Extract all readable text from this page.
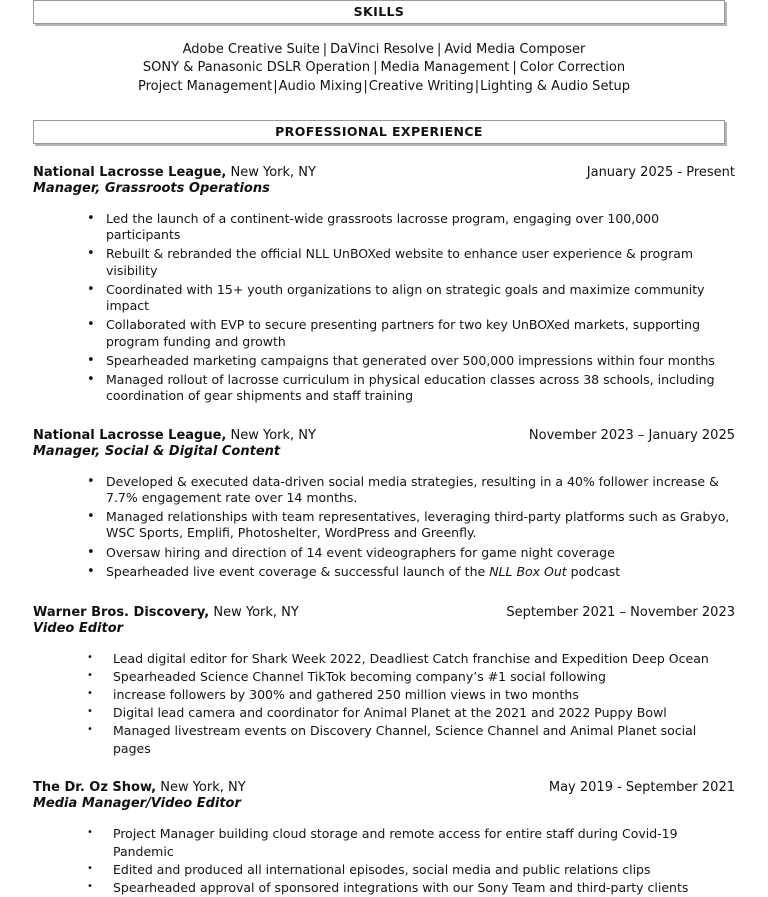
SKILLS
Adobe Creative Suite | DaVinci Resolve | Avid Media Composer
SONY & Panasonic DSLR Operation | Media Management | Color Correction
Project Management|Audio Mixing|Creative Writing|Lighting & Audio Setup
PROFESSIONAL EXPERIENCE
National Lacrosse League, New York, NY	January 2025 - Present
Manager, Grassroots Operations
• Led the launch of a continent-wide grassroots lacrosse program, engaging over 100,000 participants
• Rebuilt & rebranded the official NLL UnBOXed website to enhance user experience & program visibility
• Coordinated with 15+ youth organizations to align on strategic goals and maximize community impact
• Collaborated with EVP to secure presenting partners for two key UnBOXed markets, supporting program funding and growth
• Spearheaded marketing campaigns that generated over 500,000 impressions within four months
• Managed rollout of lacrosse curriculum in physical education classes across 38 schools, including coordination of gear shipments and staff training
National Lacrosse League, New York, NY	November 2023 – January 2025
Manager, Social & Digital Content
• Developed & executed data-driven social media strategies, resulting in a 40% follower increase & 7.7% engagement rate over 14 months.
• Managed relationships with team representatives, leveraging third-party platforms such as Grabyo, WSC Sports, Emplifi, Photoshelter, WordPress and Greenfly.
• Oversaw hiring and direction of 14 event videographers for game night coverage
• Spearheaded live event coverage & successful launch of the NLL Box Out podcast
Warner Bros. Discovery, New York, NY	September 2021 – November 2023
Video Editor
• Lead digital editor for Shark Week 2022, Deadliest Catch franchise and Expedition Deep Ocean
• Spearheaded Science Channel TikTok becoming company’s #1 social following
• increase followers by 300% and gathered 250 million views in two months
• Digital lead camera and coordinator for Animal Planet at the 2021 and 2022 Puppy Bowl
• Managed livestream events on Discovery Channel, Science Channel and Animal Planet social pages
The Dr. Oz Show, New York, NY	May 2019 - September 2021
Media Manager/Video Editor
• Project Manager building cloud storage and remote access for entire staff during Covid-19 Pandemic
• Edited and produced all international episodes, social media and public relations clips
• Spearheaded approval of sponsored integrations with our Sony Team and third-party clients
